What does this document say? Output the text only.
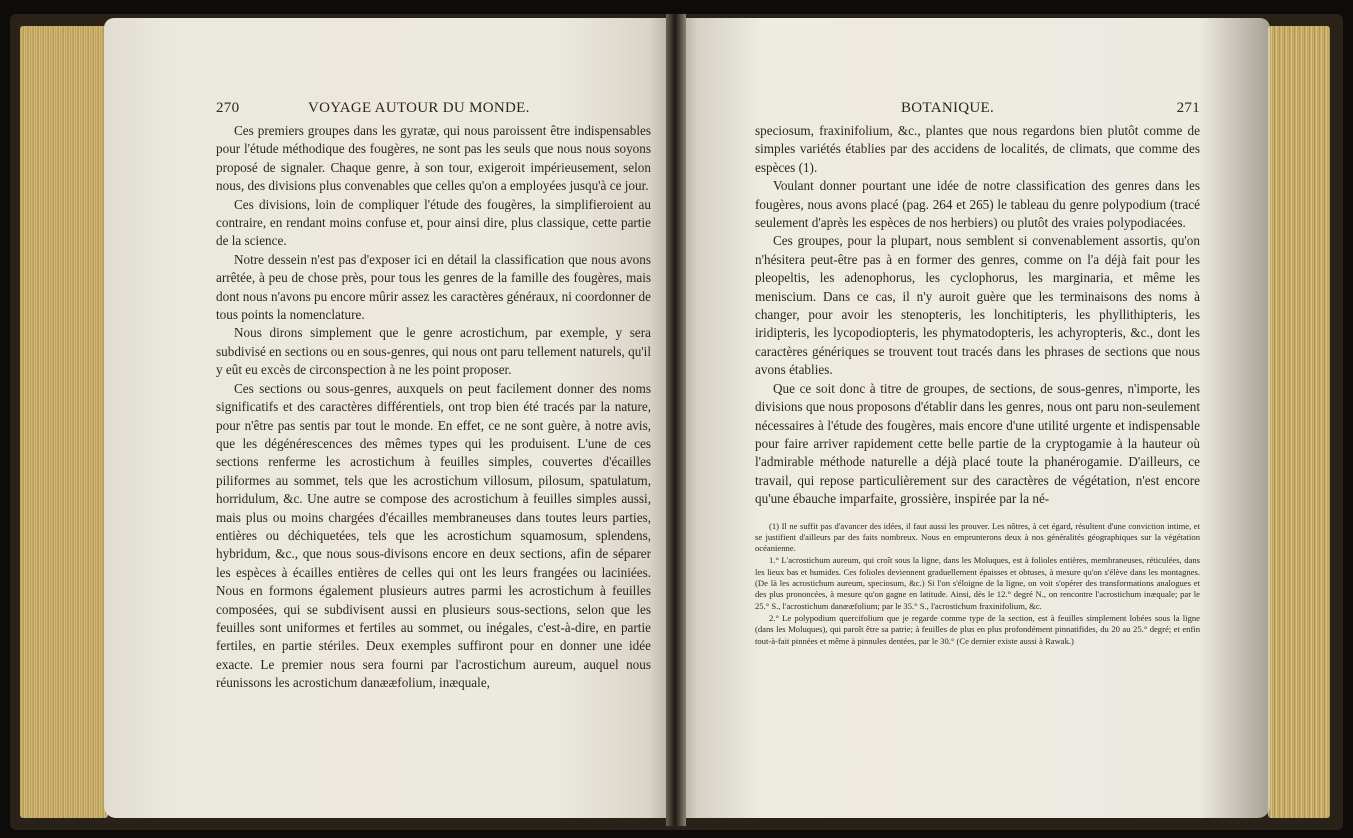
270	VOYAGE AUTOUR DU MONDE.

Ces premiers groupes dans les gyratæ, qui nous paroissent être indispensables pour l'étude méthodique des fougères, ne sont pas les seuls que nous nous soyons proposé de signaler. Chaque genre, à son tour, exigeroit impérieusement, selon nous, des divisions plus convenables que celles qu'on a employées jusqu'à ce jour.

Ces divisions, loin de compliquer l'étude des fougères, la simplifieroient au contraire, en rendant moins confuse et, pour ainsi dire, plus classique, cette partie de la science.

Notre dessein n'est pas d'exposer ici en détail la classification que nous avons arrêtée, à peu de chose près, pour tous les genres de la famille des fougères, mais dont nous n'avons pu encore mûrir assez les caractères généraux, ni coordonner de tous points la nomenclature.

Nous dirons simplement que le genre acrostichum, par exemple, y sera subdivisé en sections ou en sous-genres, qui nous ont paru tellement naturels, qu'il y eût eu excès de circonspection à ne les point proposer.

Ces sections ou sous-genres, auxquels on peut facilement donner des noms significatifs et des caractères différentiels, ont trop bien été tracés par la nature, pour n'être pas sentis par tout le monde. En effet, ce ne sont guère, à notre avis, que les dégénérescences des mêmes types qui les produisent. L'une de ces sections renferme les acrostichum à feuilles simples, couvertes d'écailles piliformes au sommet, tels que les acrostichum villosum, pilosum, spatulatum, horridulum, &c. Une autre se compose des acrostichum à feuilles simples aussi, mais plus ou moins chargées d'écailles membraneuses dans toutes leurs parties, entières ou déchiquetées, tels que les acrostichum squamosum, splendens, hybridum, &c., que nous sous-divisons encore en deux sections, afin de séparer les espèces à écailles entières de celles qui ont les leurs frangées ou laciniées. Nous en formons également plusieurs autres parmi les acrostichum à feuilles composées, qui se subdivisent aussi en plusieurs sous-sections, selon que les feuilles sont uniformes et fertiles au sommet, ou inégales, c'est-à-dire, en partie fertiles, en partie stériles. Deux exemples suffiront pour en donner une idée exacte. Le premier nous sera fourni par l'acrostichum aureum, auquel nous réunissons les acrostichum danææfolium, inæquale,

BOTANIQUE.	271

speciosum, fraxinifolium, &c., plantes que nous regardons bien plutôt comme de simples variétés établies par des accidens de localités, de climats, que comme des espèces (1).

Voulant donner pourtant une idée de notre classification des genres dans les fougères, nous avons placé (pag. 264 et 265) le tableau du genre polypodium (tracé seulement d'après les espèces de nos herbiers) ou plutôt des vraies polypodiacées.

Ces groupes, pour la plupart, nous semblent si convenablement assortis, qu'on n'hésitera peut-être pas à en former des genres, comme on l'a déjà fait pour les pleopeltis, les adenophorus, les cyclophorus, les marginaria, et même les meniscium. Dans ce cas, il n'y auroit guère que les terminaisons des noms à changer, pour avoir les stenopteris, les lonchitipteris, les phyllithipteris, les iridipteris, les lycopodiopteris, les phymatodopteris, les achyropteris, &c., dont les caractères génériques se trouvent tout tracés dans les phrases de sections que nous avons établies.

Que ce soit donc à titre de groupes, de sections, de sous-genres, n'importe, les divisions que nous proposons d'établir dans les genres, nous ont paru non-seulement nécessaires à l'étude des fougères, mais encore d'une utilité urgente et indispensable pour faire arriver rapidement cette belle partie de la cryptogamie à la hauteur où l'admirable méthode naturelle a déjà placé toute la phanérogamie. D'ailleurs, ce travail, qui repose particulièrement sur des caractères de végétation, n'est encore qu'une ébauche imparfaite, grossière, inspirée par la né-

(1) Il ne suffit pas d'avancer des idées, il faut aussi les prouver. Les nôtres, à cet égard, résultent d'une conviction intime, et se justifient d'ailleurs par des faits nombreux. Nous en emprunterons deux à nos généralités géographiques sur la végétation océanienne.

1.° L'acrostichum aureum, qui croît sous la ligne, dans les Moluques, est à folioles entières, membraneuses, réticulées, dans les lieux bas et humides. Ces folioles deviennent graduellement épaisses et obtuses, à mesure qu'on s'élève dans les montagnes. (De là les acrostichum aureum, speciosum, &c.) Si l'on s'éloigne de la ligne, on voit s'opérer des transformations analogues et des plus prononcées, à mesure qu'on gagne en latitude. Ainsi, dès le 12.° degré N., on rencontre l'acrostichum inæquale; par le 25.° S., l'acrostichum danææfolium; par le 35.° S., l'acrostichum fraxinifolium, &c.

2.° Le polypodium quercifolium que je regarde comme type de la section, est à feuilles simplement lobées sous la ligne (dans les Moluques), qui paroît être sa patrie; à feuilles de plus en plus profondément pinnatifides, du 20 au 25.° degré; et enfin tout-à-fait pinnées et même à pinnules dentées, par le 30.° (Ce dernier existe aussi à Rawak.)
